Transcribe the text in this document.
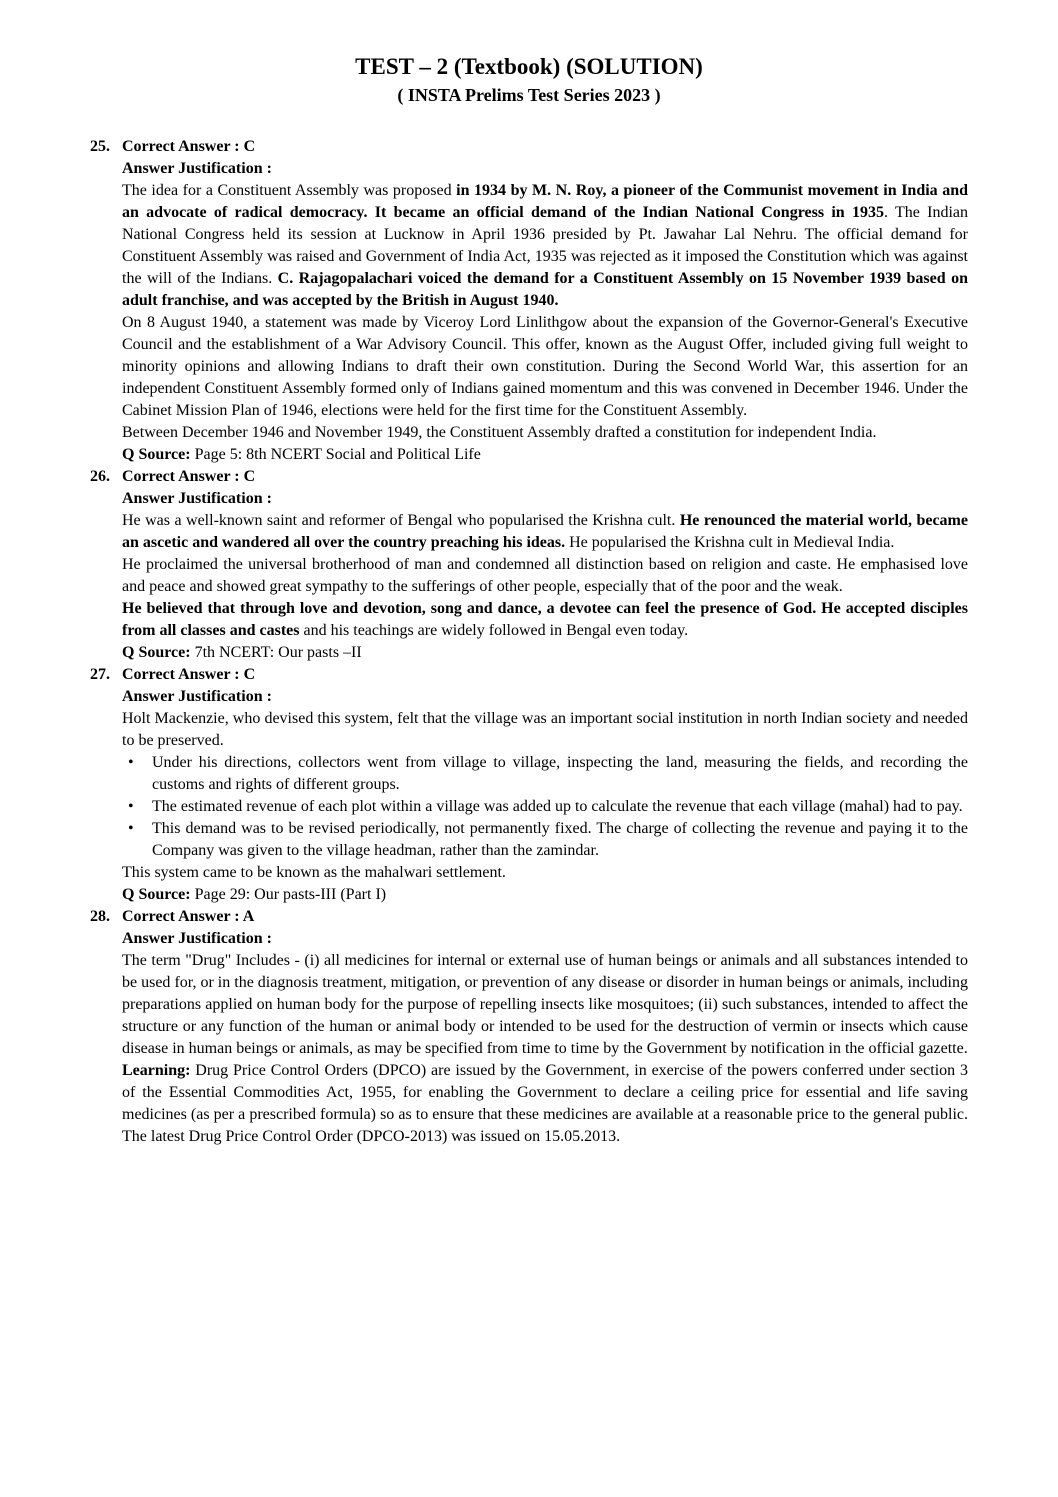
TEST – 2 (Textbook) (SOLUTION)
( INSTA Prelims Test Series 2023 )
25. Correct Answer : C
Answer Justification :

The idea for a Constituent Assembly was proposed in 1934 by M. N. Roy, a pioneer of the Communist movement in India and an advocate of radical democracy. It became an official demand of the Indian National Congress in 1935. The Indian National Congress held its session at Lucknow in April 1936 presided by Pt. Jawahar Lal Nehru. The official demand for Constituent Assembly was raised and Government of India Act, 1935 was rejected as it imposed the Constitution which was against the will of the Indians. C. Rajagopalachari voiced the demand for a Constituent Assembly on 15 November 1939 based on adult franchise, and was accepted by the British in August 1940.

On 8 August 1940, a statement was made by Viceroy Lord Linlithgow about the expansion of the Governor-General's Executive Council and the establishment of a War Advisory Council. This offer, known as the August Offer, included giving full weight to minority opinions and allowing Indians to draft their own constitution. During the Second World War, this assertion for an independent Constituent Assembly formed only of Indians gained momentum and this was convened in December 1946. Under the Cabinet Mission Plan of 1946, elections were held for the first time for the Constituent Assembly.

Between December 1946 and November 1949, the Constituent Assembly drafted a constitution for independent India.

Q Source: Page 5: 8th NCERT Social and Political Life

26. Correct Answer : C
Answer Justification :

He was a well-known saint and reformer of Bengal who popularised the Krishna cult. He renounced the material world, became an ascetic and wandered all over the country preaching his ideas. He popularised the Krishna cult in Medieval India.

He proclaimed the universal brotherhood of man and condemned all distinction based on religion and caste. He emphasised love and peace and showed great sympathy to the sufferings of other people, especially that of the poor and the weak.

He believed that through love and devotion, song and dance, a devotee can feel the presence of God. He accepted disciples from all classes and castes and his teachings are widely followed in Bengal even today.

Q Source: 7th NCERT: Our pasts –II

27. Correct Answer : C
Answer Justification :

Holt Mackenzie, who devised this system, felt that the village was an important social institution in north Indian society and needed to be preserved.

•	Under his directions, collectors went from village to village, inspecting the land, measuring the fields, and recording the customs and rights of different groups.
•	The estimated revenue of each plot within a village was added up to calculate the revenue that each village (mahal) had to pay.
•	This demand was to be revised periodically, not permanently fixed. The charge of collecting the revenue and paying it to the Company was given to the village headman, rather than the zamindar.

This system came to be known as the mahalwari settlement.

Q Source: Page 29: Our pasts-III (Part I)

28. Correct Answer : A
Answer Justification :

The term "Drug" Includes - (i) all medicines for internal or external use of human beings or animals and all substances intended to be used for, or in the diagnosis treatment, mitigation, or prevention of any disease or disorder in human beings or animals, including preparations applied on human body for the purpose of repelling insects like mosquitoes; (ii) such substances, intended to affect the structure or any function of the human or animal body or intended to be used for the destruction of vermin or insects which cause disease in human beings or animals, as may be specified from time to time by the Government by notification in the official gazette.

Learning: Drug Price Control Orders (DPCO) are issued by the Government, in exercise of the powers conferred under section 3 of the Essential Commodities Act, 1955, for enabling the Government to declare a ceiling price for essential and life saving medicines (as per a prescribed formula) so as to ensure that these medicines are available at a reasonable price to the general public. The latest Drug Price Control Order (DPCO-2013) was issued on 15.05.2013.
